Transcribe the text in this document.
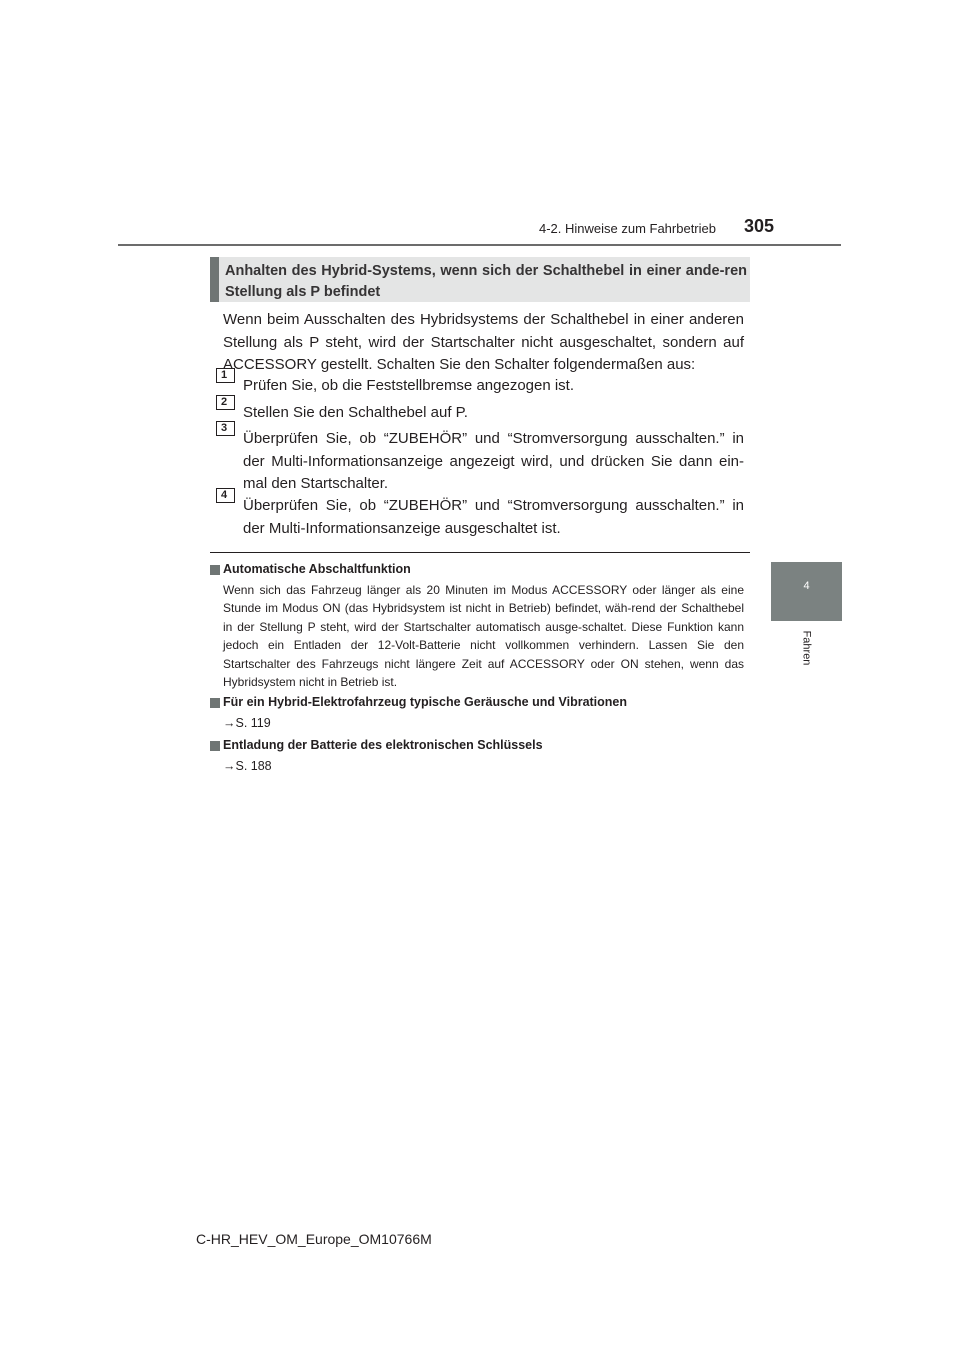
4-2. Hinweise zum Fahrbetrieb	305
4
Fahren
Anhalten des Hybrid-Systems, wenn sich der Schalthebel in einer ande-ren Stellung als P befindet
Wenn beim Ausschalten des Hybridsystems der Schalthebel in einer anderen Stellung als P steht, wird der Startschalter nicht ausgeschaltet, sondern auf ACCESSORY gestellt. Schalten Sie den Schalter folgendermaßen aus:
1
Prüfen Sie, ob die Feststellbremse angezogen ist.
2
Stellen Sie den Schalthebel auf P.
3
Überprüfen Sie, ob “ZUBEHÖR” und “Stromversorgung ausschalten.” in der Multi-Informationsanzeige angezeigt wird, und drücken Sie dann ein-mal den Startschalter.
4
Überprüfen Sie, ob “ZUBEHÖR” und “Stromversorgung ausschalten.” in der Multi-Informationsanzeige ausgeschaltet ist.
Automatische Abschaltfunktion
Wenn sich das Fahrzeug länger als 20 Minuten im Modus ACCESSORY oder länger als eine Stunde im Modus ON (das Hybridsystem ist nicht in Betrieb) befindet, wäh-rend der Schalthebel in der Stellung P steht, wird der Startschalter automatisch ausge-schaltet. Diese Funktion kann jedoch ein Entladen der 12-Volt-Batterie nicht vollkommen verhindern. Lassen Sie den Startschalter des Fahrzeugs nicht längere Zeit auf ACCESSORY oder ON stehen, wenn das Hybridsystem nicht in Betrieb ist.
Für ein Hybrid-Elektrofahrzeug typische Geräusche und Vibrationen
→S. 119
Entladung der Batterie des elektronischen Schlüssels
→S. 188
C-HR_HEV_OM_Europe_OM10766M
